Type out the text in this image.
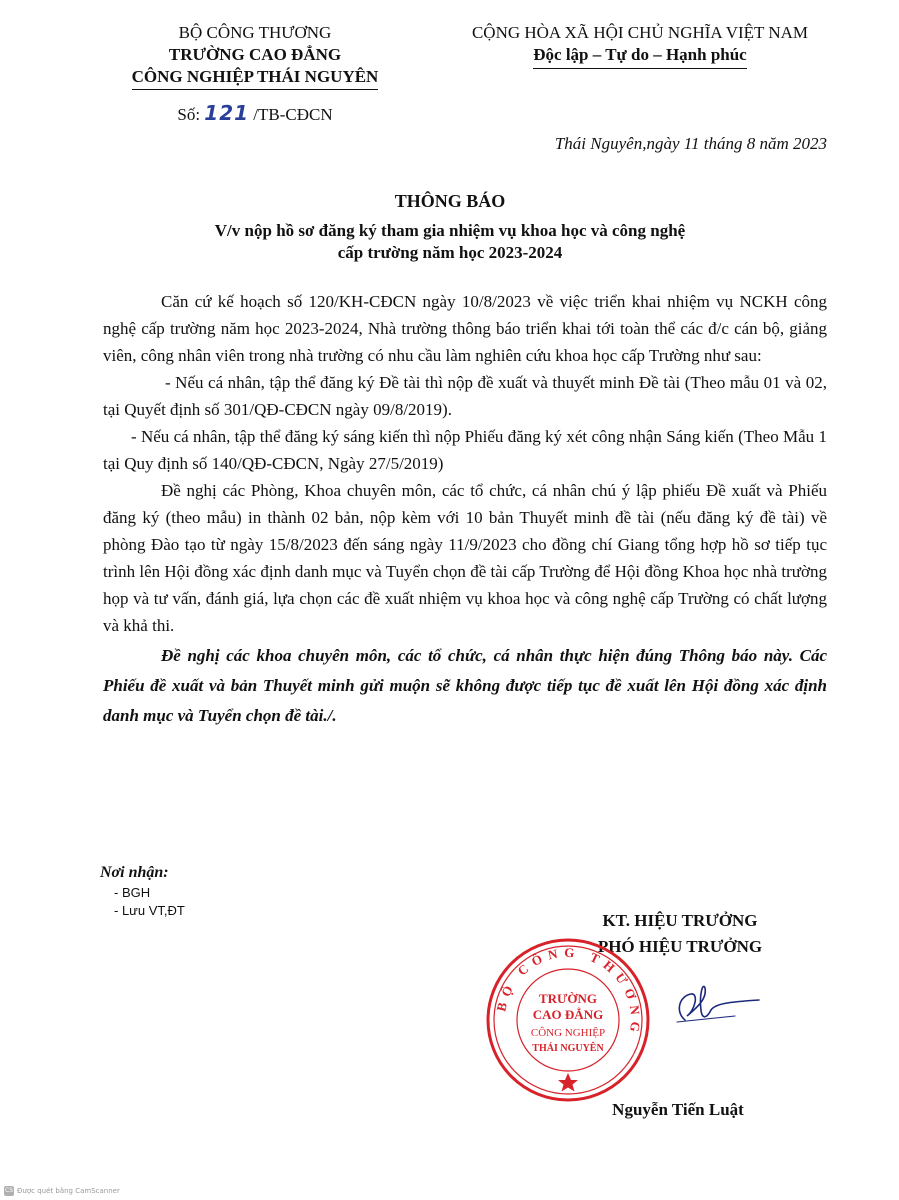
BỘ CÔNG THƯƠNG
TRƯỜNG CAO ĐẲNG
CÔNG NGHIỆP THÁI NGUYÊN
Số: 121 /TB-CĐCN
CỘNG HÒA XÃ HỘI CHỦ NGHĨA VIỆT NAM
Độc lập – Tự do – Hạnh phúc
Thái Nguyên,ngày 11 tháng 8 năm 2023
THÔNG BÁO
V/v nộp hồ sơ đăng ký tham gia nhiệm vụ khoa học và công nghệ
cấp trường năm học 2023-2024

Căn cứ kế hoạch số 120/KH-CĐCN ngày 10/8/2023 về việc triển khai nhiệm vụ NCKH công nghệ cấp trường năm học 2023-2024, Nhà trường thông báo triển khai tới toàn thể các đ/c cán bộ, giảng viên, công nhân viên trong nhà trường có nhu cầu làm nghiên cứu khoa học cấp Trường như sau:

- Nếu cá nhân, tập thể đăng ký Đề tài thì nộp đề xuất và thuyết minh Đề tài (Theo mẫu 01 và 02, tại Quyết định số 301/QĐ-CĐCN ngày 09/8/2019).

- Nếu cá nhân, tập thể đăng ký sáng kiến thì nộp Phiếu đăng ký xét công nhận Sáng kiến (Theo Mẫu 1 tại Quy định số 140/QĐ-CĐCN, Ngày 27/5/2019)

Đề nghị các Phòng, Khoa chuyên môn, các tổ chức, cá nhân chú ý lập phiếu Đề xuất và Phiếu đăng ký (theo mẫu) in thành 02 bản, nộp kèm với 10 bản Thuyết minh đề tài (nếu đăng ký đề tài) về phòng Đào tạo từ ngày 15/8/2023 đến sáng ngày 11/9/2023 cho đồng chí Giang tổng hợp hồ sơ tiếp tục trình lên Hội đồng xác định danh mục và Tuyển chọn đề tài cấp Trường để Hội đồng Khoa học nhà trường họp và tư vấn, đánh giá, lựa chọn các đề xuất nhiệm vụ khoa học và công nghệ cấp Trường có chất lượng và khả thi.

Đề nghị các khoa chuyên môn, các tổ chức, cá nhân thực hiện đúng Thông báo này. Các Phiếu đề xuất và bản Thuyết minh gửi muộn sẽ không được tiếp tục đề xuất lên Hội đồng xác định danh mục và Tuyển chọn đề tài./.

Nơi nhận:
- BGH
- Lưu VT,ĐT
KT. HIỆU TRƯỞNG
PHÓ HIỆU TRƯỞNG
BỘ CÔNG THƯƠNG
TRƯỜNG
CAO ĐẲNG
CÔNG NGHIỆP
THÁI NGUYÊN
Nguyễn Tiến Luật
CS Được quét bằng CamScanner
